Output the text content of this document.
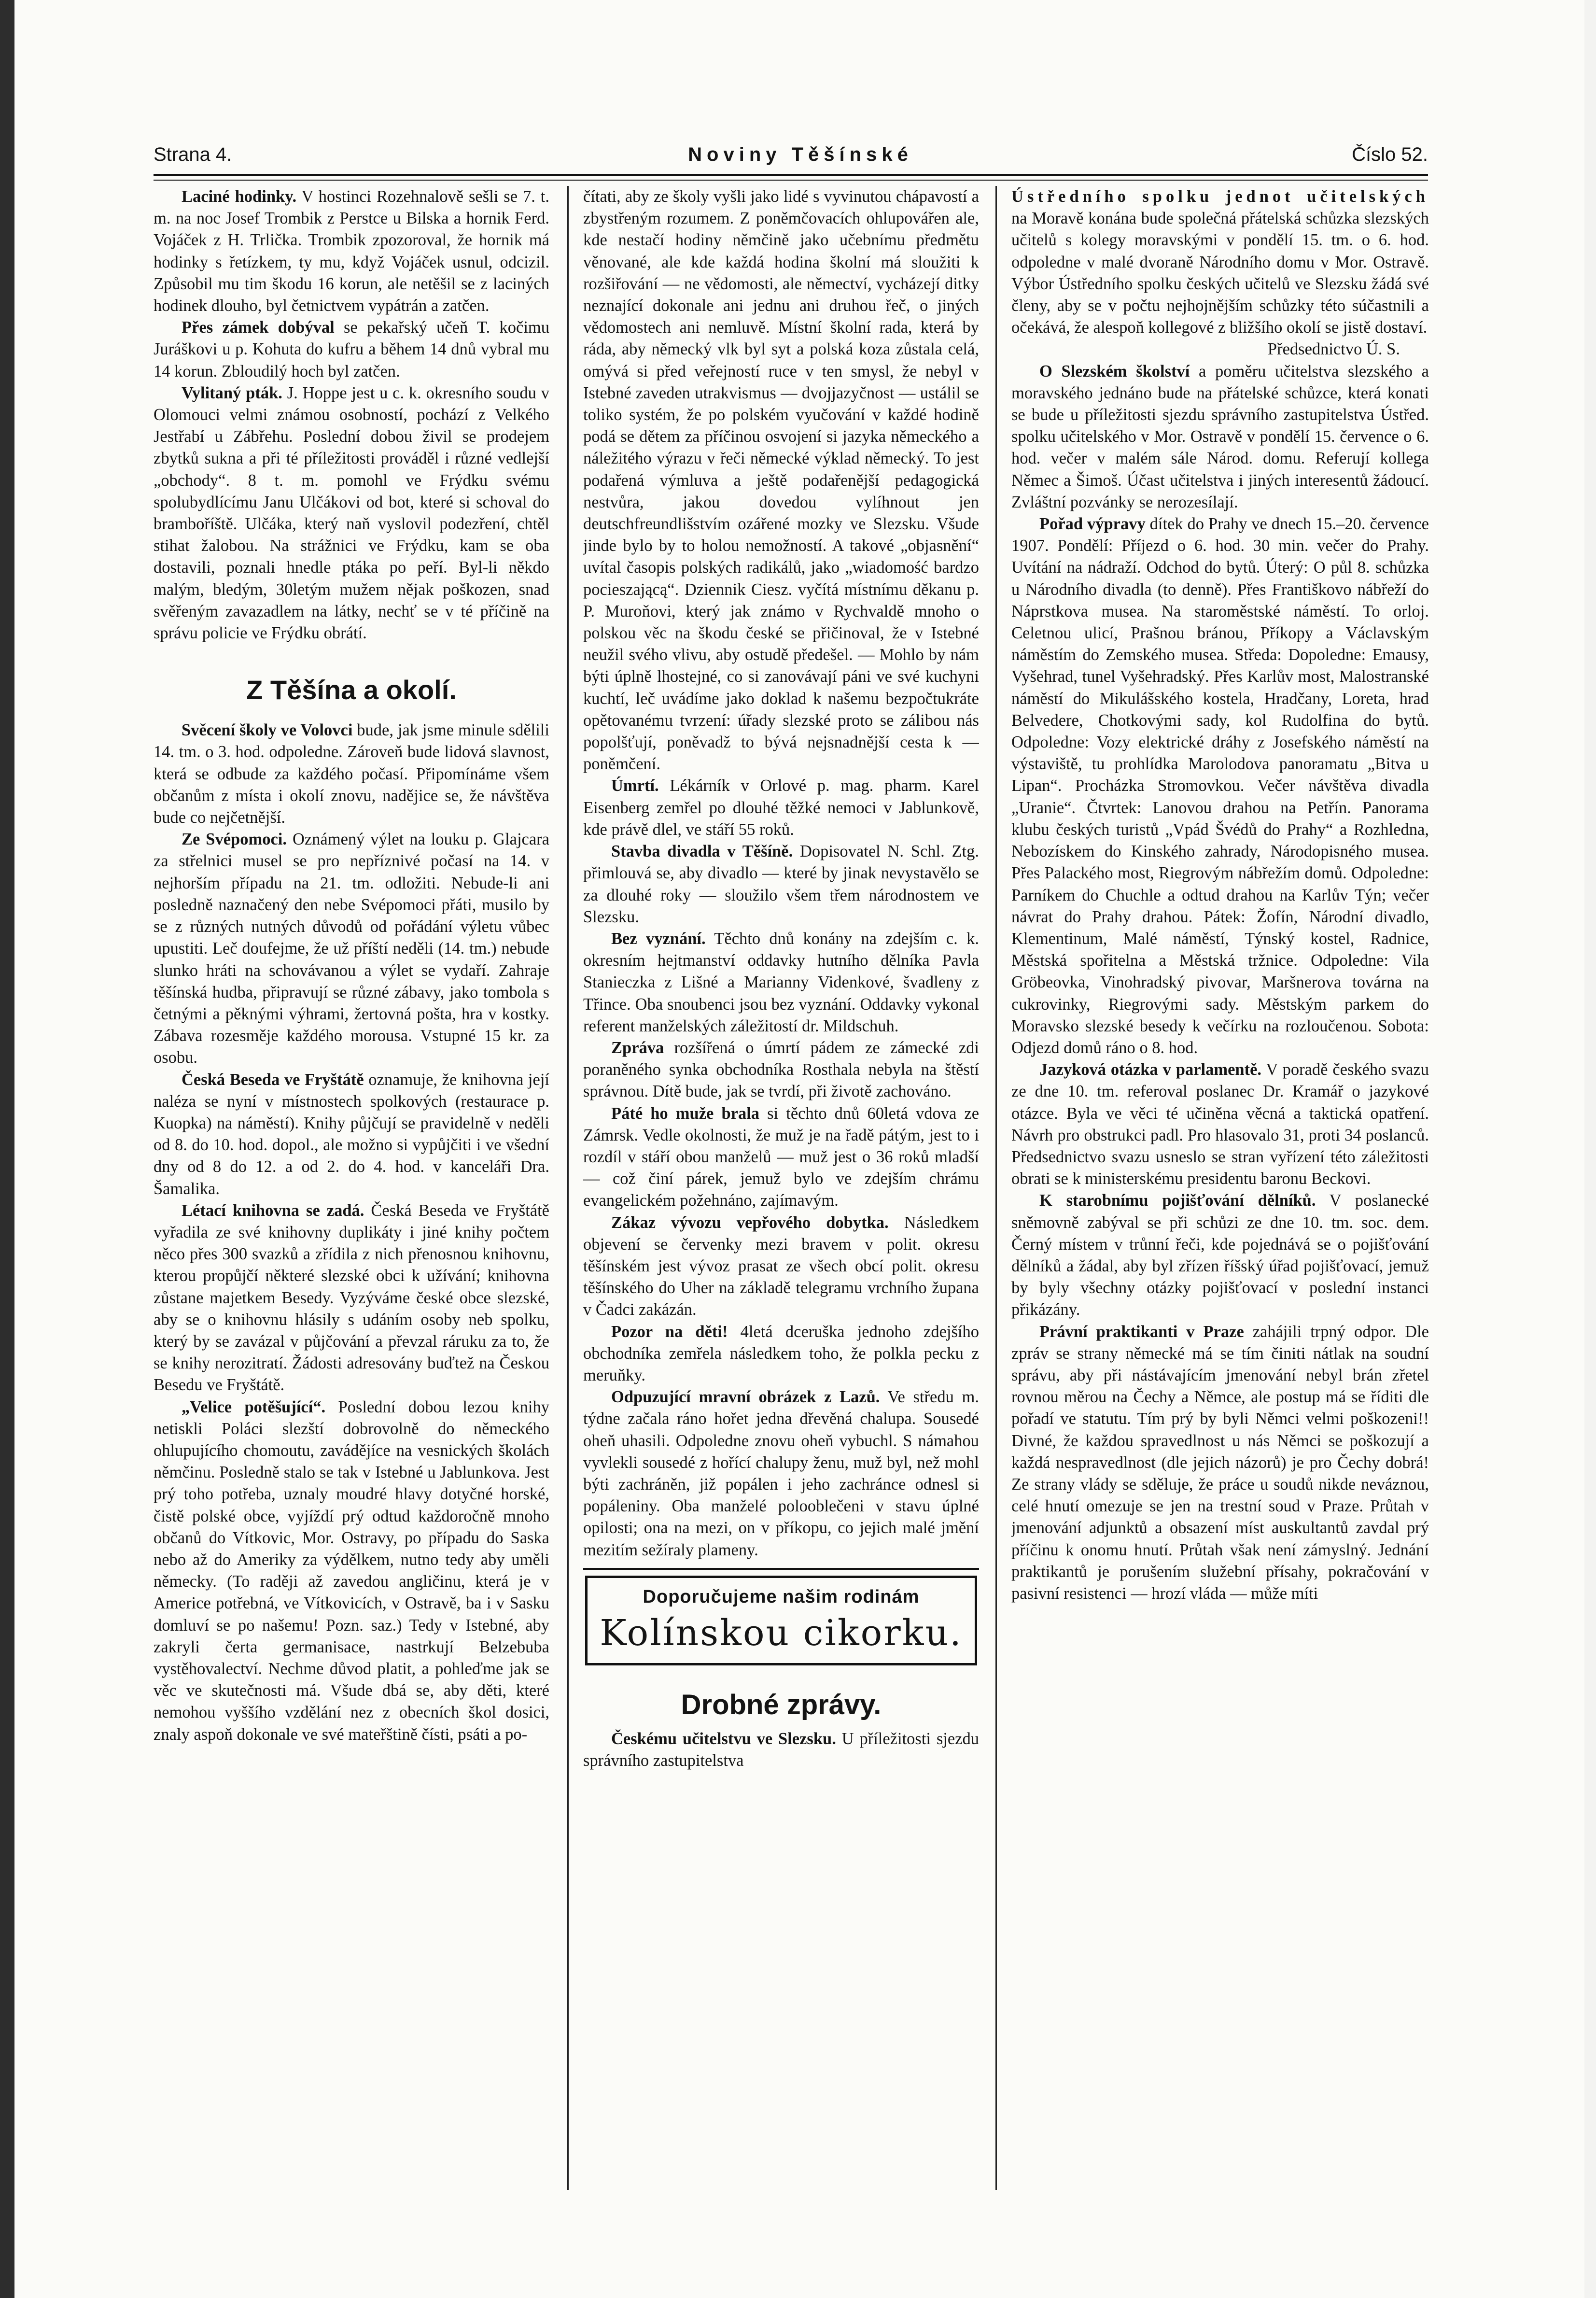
Strana 4.	Noviny Těšínské	Číslo 52.

Laciné hodinky. V hostinci Rozehnalově sešli se 7. t. m. na noc Josef Trombik z Perstce u Bilska a hornik Ferd. Vojáček z H. Trlička. Trombik zpozoroval, že hornik má hodinky s řetízkem, ty mu, když Vojáček usnul, odcizil. Způsobil mu tim škodu 16 korun, ale netěšil se z laciných hodinek dlouho, byl četnictvem vypátrán a zatčen.

Přes zámek dobýval se pekařský učeň T. kočimu Juráškovi u p. Kohuta do kufru a během 14 dnů vybral mu 14 korun. Zbloudilý hoch byl zatčen.

Vylitaný pták. J. Hoppe jest u c. k. okresního soudu v Olomouci velmi známou osobností, pochází z Velkého Jestřabí u Zábřehu. Poslední dobou živil se prodejem zbytků sukna a při té příležitosti prováděl i různé vedlejší „obchody“. 8 t. m. pomohl ve Frýdku svému spolubydlícímu Janu Ulčákovi od bot, které si schoval do bramboříště. Ulčáka, který naň vyslovil podezření, chtěl stihat žalobou. Na strážnici ve Frýdku, kam se oba dostavili, poznali hnedle ptáka po peří. Byl-li někdo malým, bledým, 30letým mužem nějak poškozen, snad svěřeným zavazadlem na látky, nechť se v té příčině na správu policie ve Frýdku obrátí.

Z Těšína a okolí.

Svěcení školy ve Volovci bude, jak jsme minule sdělili 14. tm. o 3. hod. odpoledne. Zároveň bude lidová slavnost, která se odbude za každého počasí. Připomínáme všem občanům z místa i okolí znovu, nadějice se, že návštěva bude co nejčetnější.

Ze Svépomoci. Oznámený výlet na louku p. Glajcara za střelnici musel se pro nepříznivé počasí na 14. v nejhorším případu na 21. tm. odložiti. Nebude-li ani posledně naznačený den nebe Svépomoci přáti, musilo by se z různých nutných důvodů od pořádání výletu vůbec upustiti. Leč doufejme, že už příští neděli (14. tm.) nebude slunko hráti na schovávanou a výlet se vydaří. Zahraje těšínská hudba, připravují se různé zábavy, jako tombola s četnými a pěknými výhrami, žertovná pošta, hra v kostky. Zábava rozesměje každého morousa. Vstupné 15 kr. za osobu.

Česká Beseda ve Fryštátě oznamuje, že knihovna její naléza se nyní v místnostech spolkových (restaurace p. Kuopka) na náměstí). Knihy půjčují se pravidelně v neděli od 8. do 10. hod. dopol., ale možno si vypůjčiti i ve všední dny od 8 do 12. a od 2. do 4. hod. v kanceláři Dra. Šamalika.

Létací knihovna se zadá. Česká Beseda ve Fryštátě vyřadila ze své knihovny duplikáty i jiné knihy počtem něco přes 300 svazků a zřídila z nich přenosnou knihovnu, kterou propůjčí některé slezské obci k užívání; knihovna zůstane majetkem Besedy. Vyzýváme české obce slezské, aby se o knihovnu hlásily s udáním osoby neb spolku, který by se zavázal v půjčování a převzal ráruku za to, že se knihy nerozitratí. Žádosti adresovány buďtež na Českou Besedu ve Fryštátě.

„Velice potěšující“. Poslední dobou lezou knihy netiskli Poláci slezští dobrovolně do německého ohlupujícího chomoutu, zavádějíce na vesnických školách němčinu. Posledně stalo se tak v Istebné u Jablunkova. Jest prý toho potřeba, uznaly moudré hlavy dotyčné horské, čistě polské obce, vyjíždí prý odtud každoročně mnoho občanů do Vítkovic, Mor. Ostravy, po případu do Saska nebo až do Ameriky za výdělkem, nutno tedy aby uměli německy. (To raději až zavedou angličinu, která je v Americe potřebná, ve Vítkovicích, v Ostravě, ba i v Sasku domluví se po našemu! Pozn. saz.) Tedy v Istebné, aby zakryli čerta germanisace, nastrkují Belzebuba vystěhovalectví. Nechme důvod platit, a pohleďme jak se věc ve skutečnosti má. Všude dbá se, aby děti, které nemohou vyššího vzdělání nez z obecních škol dosici, znaly aspoň dokonale ve své mateřštině čísti, psáti a po-

čítati, aby ze školy vyšli jako lidé s vyvinutou chápavostí a zbystřeným rozumem. Z poněmčovacích ohlupovářen ale, kde nestačí hodiny němčině jako učebnímu předmětu věnované, ale kde každá hodina školní má sloužiti k rozšiřování — ne vědomosti, ale němectví, vycházejí ditky neznající dokonale ani jednu ani druhou řeč, o jiných vědomostech ani nemluvě. Místní školní rada, která by ráda, aby německý vlk byl syt a polská koza zůstala celá, omývá si před veřejností ruce v ten smysl, že nebyl v Istebné zaveden utrakvismus — dvojjazyčnost — ustálil se toliko systém, že po polském vyučování v každé hodině podá se dětem za příčinou osvojení si jazyka německého a náležitého výrazu v řeči německé výklad německý. To jest podařená výmluva a ještě podařenější pedagogická nestvůra, jakou dovedou vylíhnout jen deutschfreundlišstvím ozářené mozky ve Slezsku. Všude jinde bylo by to holou nemožností. A takové „objasnění“ uvítal časopis polských radikálů, jako „wiadomość bardzo pocieszającą“. Dziennik Ciesz. vyčítá místnímu děkanu p. P. Muroňovi, který jak známo v Rychvaldě mnoho o polskou věc na škodu české se přičinoval, že v Istebné neužil svého vlivu, aby ostudě předešel. — Mohlo by nám býti úplně lhostejné, co si zanovávají páni ve své kuchyni kuchtí, leč uvádíme jako doklad k našemu bezpočtukráte opětovanému tvrzení: úřady slezské proto se zálibou nás popolšťují, poněvadž to bývá nejsnadnější cesta k — poněmčení.

Úmrtí. Lékárník v Orlové p. mag. pharm. Karel Eisenberg zemřel po dlouhé těžké nemoci v Jablunkově, kde právě dlel, ve stáří 55 roků.

Stavba divadla v Těšíně. Dopisovatel N. Schl. Ztg. přimlouvá se, aby divadlo — které by jinak nevystavělo se za dlouhé roky — sloužilo všem třem národnostem ve Slezsku.

Bez vyznání. Těchto dnů konány na zdejším c. k. okresním hejtmanství oddavky hutního dělníka Pavla Stanieczka z Lišné a Marianny Videnkové, švadleny z Třince. Oba snoubenci jsou bez vyznání. Oddavky vykonal referent manželských záležitostí dr. Mildschuh.

Zpráva rozšířená o úmrtí pádem ze zámecké zdi poraněného synka obchodníka Rosthala nebyla na štěstí správnou. Dítě bude, jak se tvrdí, při životě zachováno.

Páté ho muže brala si těchto dnů 60letá vdova ze Zámrsk. Vedle okolnosti, že muž je na řadě pátým, jest to i rozdíl v stáří obou manželů — muž jest o 36 roků mladší — což činí párek, jemuž bylo ve zdejším chrámu evangelickém požehnáno, zajímavým.

Zákaz vývozu vepřového dobytka. Následkem objevení se červenky mezi bravem v polit. okresu těšínském jest vývoz prasat ze všech obcí polit. okresu těšínského do Uher na základě telegramu vrchního župana v Čadci zakázán.

Pozor na děti! 4letá dceruška jednoho zdejšího obchodníka zemřela následkem toho, že polkla pecku z meruňky.

Odpuzující mravní obrázek z Lazů. Ve středu m. týdne začala ráno hořet jedna dřevěná chalupa. Sousedé oheň uhasili. Odpoledne znovu oheň vybuchl. S námahou vyvlekli sousedé z hořící chalupy ženu, muž byl, než mohl býti zachráněn, již popálen i jeho zachránce odnesl si popáleniny. Oba manželé polooblečeni v stavu úplné opilosti; ona na mezi, on v příkopu, co jejich malé jmění mezitím sežíraly plameny.

Doporučujeme našim rodinám
Kolínskou cikorku.
Drobné zprávy.

Českému učitelstvu ve Slezsku. U příležitosti sjezdu správního zastupitelstva

Ústředního spolku jednot učitelských na Moravě konána bude společná přátelská schůzka slezských učitelů s kolegy moravskými v pondělí 15. tm. o 6. hod. odpoledne v malé dvoraně Národního domu v Mor. Ostravě. Výbor Ústředního spolku českých učitelů ve Slezsku žádá své členy, aby se v počtu nejhojnějším schůzky této súčastnili a očekává, že alespoň kollegové z bližšího okolí se jistě dostaví.

Předsednictvo Ú. S.

O Slezském školství a poměru učitelstva slezského a moravského jednáno bude na přátelské schůzce, která konati se bude u příležitosti sjezdu správního zastupitelstva Ústřed. spolku učitelského v Mor. Ostravě v pondělí 15. července o 6. hod. večer v malém sále Národ. domu. Referují kollega Němec a Šimoš. Účast učitelstva i jiných interesentů žádoucí. Zvláštní pozvánky se nerozesílají.

Pořad výpravy dítek do Prahy ve dnech 15.–20. července 1907. Pondělí: Příjezd o 6. hod. 30 min. večer do Prahy. Uvítání na nádraží. Odchod do bytů. Úterý: O půl 8. schůzka u Národního divadla (to denně). Přes Františkovo nábřeží do Náprstkova musea. Na staroměstské náměstí. To orloj. Celetnou ulicí, Prašnou bránou, Příkopy a Václavským náměstím do Zemského musea. Středa: Dopoledne: Emausy, Vyšehrad, tunel Vyšehradský. Přes Karlův most, Malostranské náměstí do Mikulášského kostela, Hradčany, Loreta, hrad Belvedere, Chotkovými sady, kol Rudolfina do bytů. Odpoledne: Vozy elektrické dráhy z Josefského náměstí na výstaviště, tu prohlídka Marolodova panoramatu „Bitva u Lipan“. Procházka Stromovkou. Večer návštěva divadla „Uranie“. Čtvrtek: Lanovou drahou na Petřín. Panorama klubu českých turistů „Vpád Švédů do Prahy“ a Rozhledna, Nebozískem do Kinského zahrady, Národopisného musea. Přes Palackého most, Riegrovým nábřežím domů. Odpoledne: Parníkem do Chuchle a odtud drahou na Karlův Týn; večer návrat do Prahy drahou. Pátek: Žofín, Národní divadlo, Klementinum, Malé náměstí, Týnský kostel, Radnice, Městská spořitelna a Městská tržnice. Odpoledne: Vila Gröbeovka, Vinohradský pivovar, Maršnerova továrna na cukrovinky, Riegrovými sady. Městským parkem do Moravsko slezské besedy k večírku na rozloučenou. Sobota: Odjezd domů ráno o 8. hod.

Jazyková otázka v parlamentě. V poradě českého svazu ze dne 10. tm. referoval poslanec Dr. Kramář o jazykové otázce. Byla ve věci té učiněna věcná a taktická opatření. Návrh pro obstrukci padl. Pro hlasovalo 31, proti 34 poslanců. Předsednictvo svazu usneslo se stran vyřízení této záležitosti obrati se k ministerskému presidentu baronu Beckovi.

K starobnímu pojišťování dělníků. V poslanecké sněmovně zabýval se při schůzi ze dne 10. tm. soc. dem. Černý místem v trůnní řeči, kde pojednává se o pojišťování dělníků a žádal, aby byl zřízen říšský úřad pojišťovací, jemuž by byly všechny otázky pojišťovací v poslední instanci přikázány.

Právní praktikanti v Praze zahájili trpný odpor. Dle zpráv se strany německé má se tím činiti nátlak na soudní správu, aby při nástávajícím jmenování nebyl brán zřetel rovnou měrou na Čechy a Němce, ale postup má se říditi dle pořadí ve statutu. Tím prý by byli Němci velmi poškozeni!! Divné, že každou spravedlnost u nás Němci se poškozují a každá nespravedlnost (dle jejich názorů) je pro Čechy dobrá! Ze strany vlády se sděluje, že práce u soudů nikde neváznou, celé hnutí omezuje se jen na trestní soud v Praze. Průtah v jmenování adjunktů a obsazení míst auskultantů zavdal prý příčinu k onomu hnutí. Průtah však není zámyslný. Jednání praktikantů je porušením služební přísahy, pokračování v pasivní resistenci — hrozí vláda — může míti
